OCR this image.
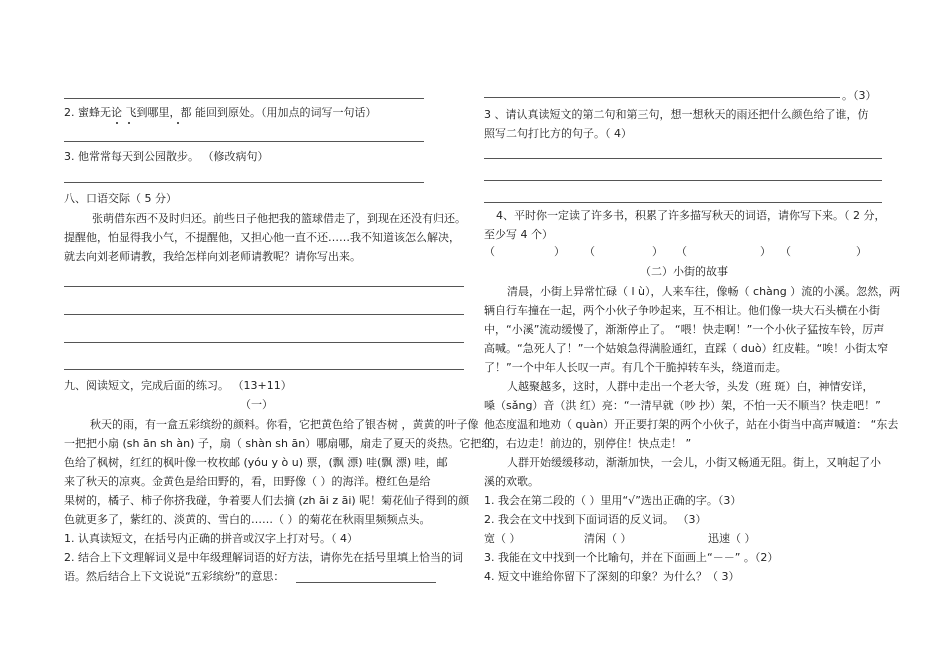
2. 蜜蜂无论 飞到哪里，都 能回到原处。（用加点的词写一句话）
3. 他常常每天到公园散步。 （修改病句）
八、口语交际（ 5 分）
张萌借东西不及时归还。前些日子他把我的篮球借走了，到现在还没有归还。
提醒他，怕显得我小气，不提醒他，又担心他一直不还……我不知道该怎么解决，
就去向刘老师请教，我给怎样向刘老师请教呢？请你写出来。
九、阅读短文，完成后面的练习。 （13+11）
（一）
秋天的雨，有一盒五彩缤纷的颜料。你看，它把黄色给了银杏树 ，黄黄的叶子像
一把把小扇 (sh ān sh àn) 子，扇（ shàn sh ān）哪扇哪，扇走了夏天的炎热。它把红
色给了枫树，红红的枫叶像一枚枚邮 (yóu y ò u) 票，(飘 漂) 哇(飘 漂) 哇，邮
来了秋天的凉爽。金黄色是给田野的，看，田野像（ ）的海洋。橙红色是给
果树的，橘子、柿子你挤我碰，争着要人们去摘 (zh āi z āi) 呢！菊花仙子得到的颜
色就更多了，紫红的、淡黄的、雪白的……（ ）的菊花在秋雨里频频点头。
1. 认真读短文，在括号内正确的拼音或汉字上打对号。（ 4）
2. 结合上下文理解词义是中年级理解词语的好方法，请你先在括号里填上恰当的词
语。然后结合上下文说说“五彩缤纷”的意思：
。（3）
3 、请认真读短文的第二句和第三句，想一想秋天的雨还把什么颜色给了谁，仿
照写二句打比方的句子。（ 4）
4、平时你一定读了许多书，积累了许多描写秋天的词语，请你写下来。（ 2 分，
至少写 4 个）
（	） （	） （	） （	）
（二）小街的故事
清晨，小街上异常忙碌（ l ù），人来车往，像畅（ chàng ）流的小溪。忽然，两
辆自行车撞在一起，两个小伙子争吵起来，互不相让。他们像一块大石头横在小街
中，“小溪”流动缓慢了，渐渐停止了。 “喂！快走啊！”一个小伙子猛按车铃，厉声
高喊。“急死人了！”一个姑娘急得满脸通红，直踩（ duò）红皮鞋。“唉！小街太窄
了！”一个中年人长叹一声。有几个干脆掉转车头，绕道而走。
人越聚越多，这时，人群中走出一个老大爷，头发（班 斑）白，神情安详，
嗓（sǎng）音（洪 红）亮：“一清早就（吵 抄）架，不怕一天不顺当？快走吧！”
他态度温和地劝（ quàn）开正要打架的两个小伙子，站在小街当中高声喊道： “东去
的，右边走！前边的，别停住！快点走！ ”
人群开始缓缓移动，渐渐加快，一会儿，小街又畅通无阻。街上，又响起了小
溪的欢歌。
1. 我会在第二段的（ ）里用“√”选出正确的字。（3）
2. 我会在文中找到下面词语的反义词。 （3）
宽（ ）	清闲（ ）	迅速（ ）
3. 我能在文中找到一个比喻句，并在下面画上“－－” 。（2）
4. 短文中谁给你留下了深刻的印象？为什么？（ 3）
